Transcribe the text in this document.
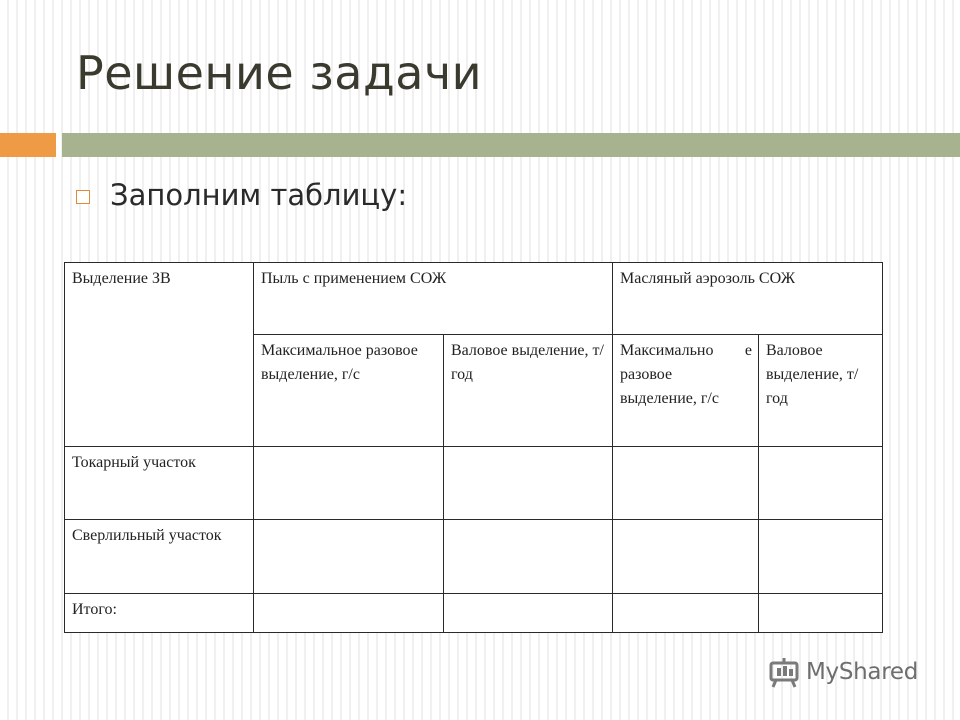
Решение задачи
Заполним таблицу:
Выделение ЗВ	Пыль с применением СОЖ		Масляный аэрозоль СОЖ	
	Максимальное разовое выделение, г/с	Валовое выделение, т/год	Максимально е разовое выделение, г/с	Валовое выделение, т/год
Токарный участок				
Сверлильный участок				
Итого:				
MyShared
